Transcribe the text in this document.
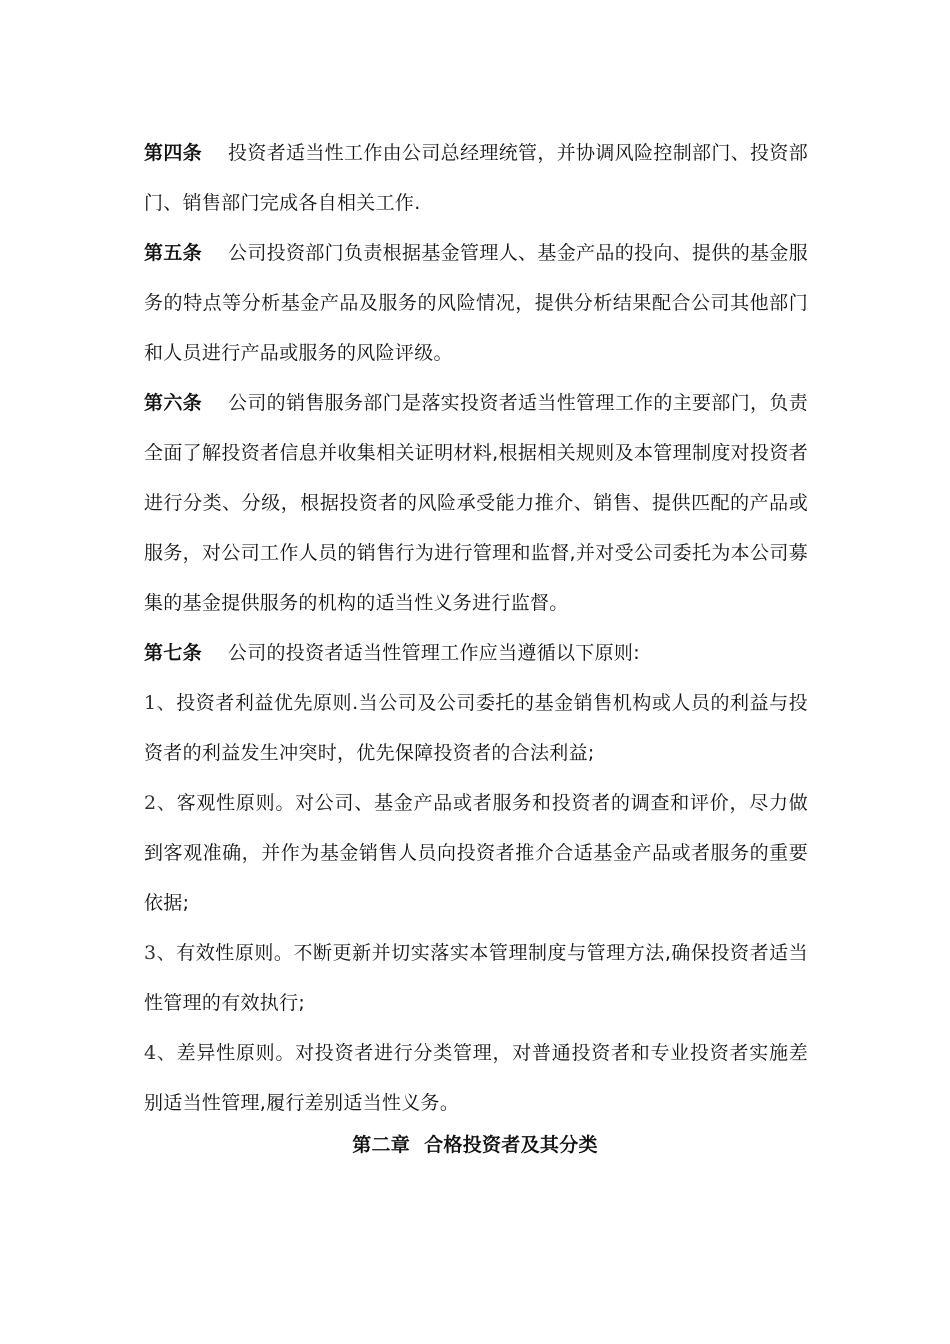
第四条 投资者适当性工作由公司总经理统管，并协调风险控制部门、投资部门、销售部门完成各自相关工作.

第五条 公司投资部门负责根据基金管理人、基金产品的投向、提供的基金服务的特点等分析基金产品及服务的风险情况，提供分析结果配合公司其他部门和人员进行产品或服务的风险评级。

第六条 公司的销售服务部门是落实投资者适当性管理工作的主要部门，负责全面了解投资者信息并收集相关证明材料,根据相关规则及本管理制度对投资者进行分类、分级，根据投资者的风险承受能力推介、销售、提供匹配的产品或服务，对公司工作人员的销售行为进行管理和监督,并对受公司委托为本公司募集的基金提供服务的机构的适当性义务进行监督。

第七条 公司的投资者适当性管理工作应当遵循以下原则:

1、投资者利益优先原则.当公司及公司委托的基金销售机构或人员的利益与投资者的利益发生冲突时，优先保障投资者的合法利益;

2、客观性原则。对公司、基金产品或者服务和投资者的调查和评价，尽力做到客观准确，并作为基金销售人员向投资者推介合适基金产品或者服务的重要依据;

3、有效性原则。不断更新并切实落实本管理制度与管理方法,确保投资者适当性管理的有效执行;

4、差异性原则。对投资者进行分类管理，对普通投资者和专业投资者实施差别适当性管理,履行差别适当性义务。

第二章 合格投资者及其分类
